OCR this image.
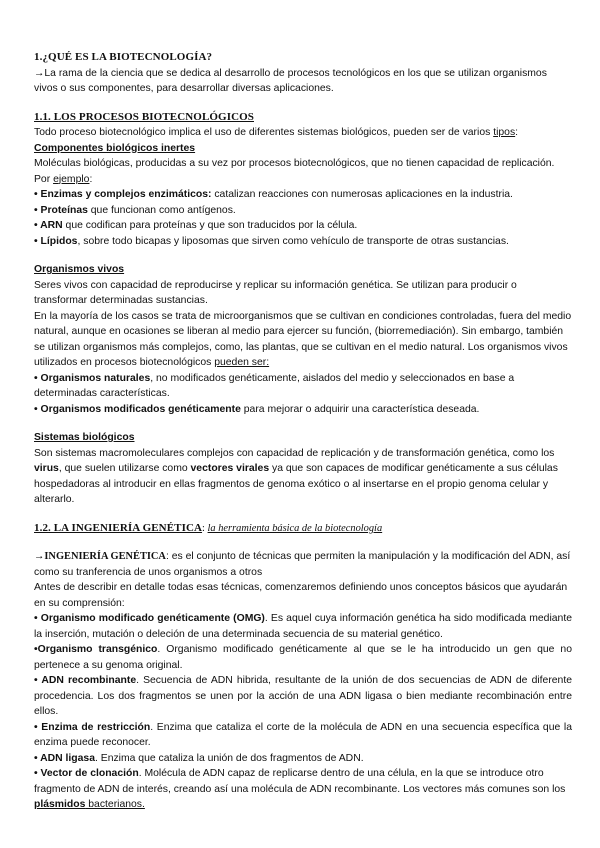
1.¿QUÉ ES LA BIOTECNOLOGÍA?

→La rama de la ciencia que se dedica al desarrollo de procesos tecnológicos en los que se utilizan organismos vivos o sus componentes, para desarrollar diversas aplicaciones.

1.1. LOS PROCESOS BIOTECNOLÓGICOS

Todo proceso biotecnológico implica el uso de diferentes sistemas biológicos, pueden ser de varios tipos:

Componentes biológicos inertes

Moléculas biológicas, producidas a su vez por procesos biotecnológicos, que no tienen capacidad de replicación. Por ejemplo:

• Enzimas y complejos enzimáticos: catalizan reacciones con numerosas aplicaciones en la industria.

• Proteínas que funcionan como antígenos.

• ARN que codifican para proteínas y que son traducidos por la célula.

• Lípidos, sobre todo bicapas y liposomas que sirven como vehículo de transporte de otras sustancias.

Organismos vivos

Seres vivos con capacidad de reproducirse y replicar su información genética. Se utilizan para producir o transformar determinadas sustancias.

En la mayoría de los casos se trata de microorganismos que se cultivan en condiciones controladas, fuera del medio natural, aunque en ocasiones se liberan al medio para ejercer su función, (biorremediación). Sin embargo, también se utilizan organismos más complejos, como, las plantas, que se cultivan en el medio natural. Los organismos vivos utilizados en procesos biotecnológicos pueden ser:

• Organismos naturales, no modificados genéticamente, aislados del medio y seleccionados en base a determinadas características.

• Organismos modificados genéticamente para mejorar o adquirir una característica deseada.

Sistemas biológicos

Son sistemas macromoleculares complejos con capacidad de replicación y de transformación genética, como los virus, que suelen utilizarse como vectores virales ya que son capaces de modificar genéticamente a sus células hospedadoras al introducir en ellas fragmentos de genoma exótico o al insertarse en el propio genoma celular y alterarlo.

1.2. LA INGENIERÍA GENÉTICA: la herramienta básica de la biotecnología

→INGENIERÍA GENÉTICA: es el conjunto de técnicas que permiten la manipulación y la modificación del ADN, así como su tranferencia de unos organismos a otros

Antes de describir en detalle todas esas técnicas, comenzaremos definiendo unos conceptos básicos que ayudarán en su comprensión:

• Organismo modificado genéticamente (OMG). Es aquel cuya información genética ha sido modificada mediante la inserción, mutación o deleción de una determinada secuencia de su material genético.

•Organismo transgénico. Organismo modificado genéticamente al que se le ha introducido un gen que no pertenece a su genoma original.

• ADN recombinante. Secuencia de ADN hibrida, resultante de la unión de dos secuencias de ADN de diferente procedencia. Los dos fragmentos se unen por la acción de una ADN ligasa o bien mediante recombinación entre ellos.

• Enzima de restricción. Enzima que cataliza el corte de la molécula de ADN en una secuencia específica que la enzima puede reconocer.

• ADN ligasa. Enzima que cataliza la unión de dos fragmentos de ADN.

• Vector de clonación. Molécula de ADN capaz de replicarse dentro de una célula, en la que se introduce otro fragmento de ADN de interés, creando así una molécula de ADN recombinante. Los vectores más comunes son los plásmidos bacterianos.
